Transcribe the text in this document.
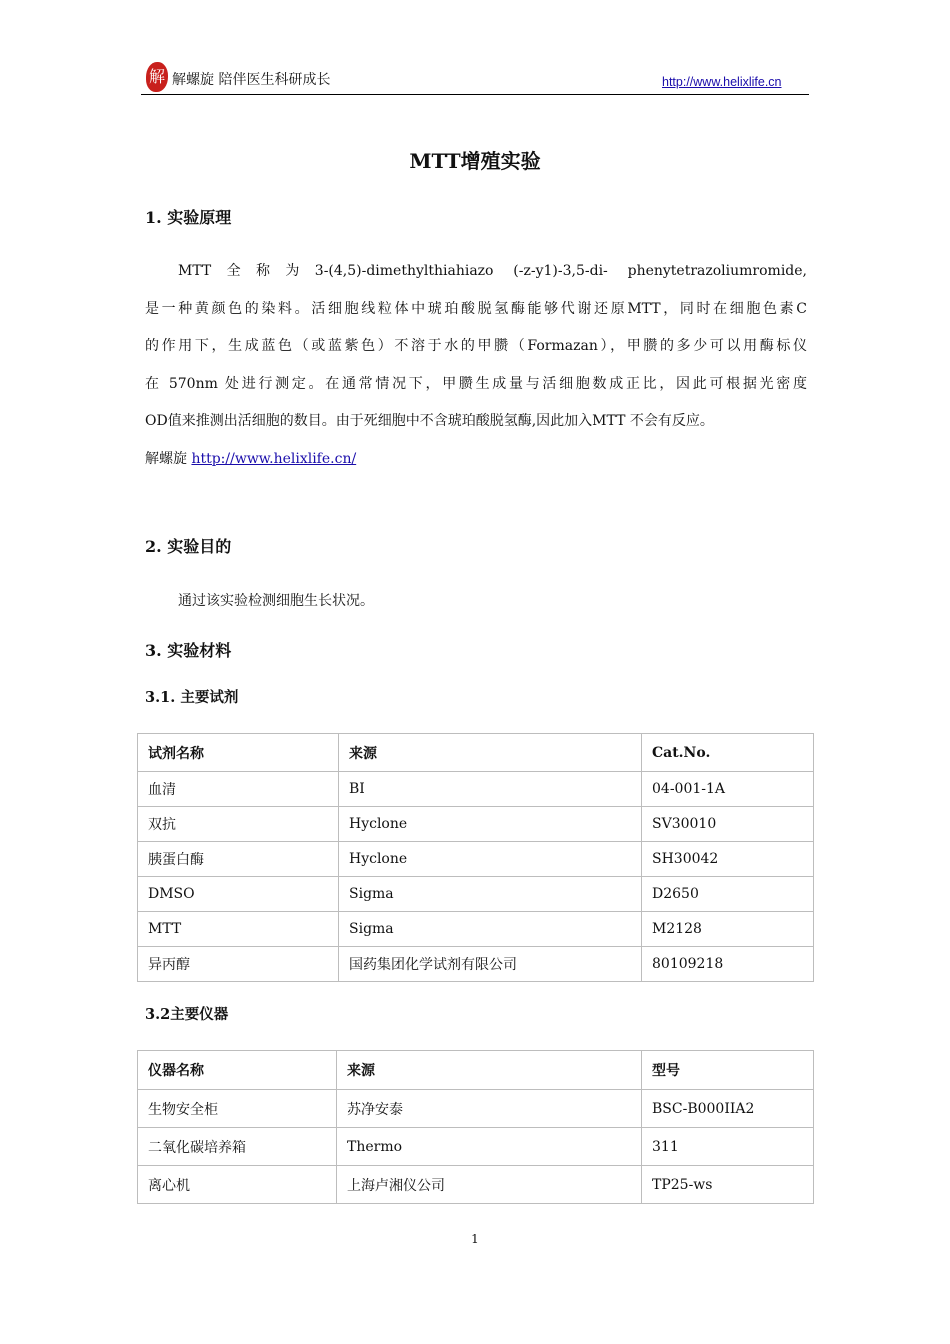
解 解螺旋 陪伴医生科研成长	http://www.helixlife.cn
MTT增殖实验
1. 实验原理
MTT全称为3-(4,5)-dimethylthiahiazo (-z-y1)-3,5-di- phenytetrazoliumromide,
是一种黄颜色的染料。活细胞线粒体中琥珀酸脱氢酶能够代谢还原MTT，同时在细胞色素C
的作用下，生成蓝色（或蓝紫色）不溶于水的甲臜（Formazan），甲臜的多少可以用酶标仪
在 570nm 处进行测定。在通常情况下，甲臜生成量与活细胞数成正比，因此可根据光密度
OD值来推测出活细胞的数目。由于死细胞中不含琥珀酸脱氢酶,因此加入MTT 不会有反应。
解螺旋 http://www.helixlife.cn/
2. 实验目的
通过该实验检测细胞生长状况。
3. 实验材料
3.1. 主要试剂
试剂名称	来源	Cat.No.
血清	BI	04-001-1A
双抗	Hyclone	SV30010
胰蛋白酶	Hyclone	SH30042
DMSO	Sigma	D2650
MTT	Sigma	M2128
异丙醇	国药集团化学试剂有限公司	80109218
3.2主要仪器
仪器名称	来源	型号
生物安全柜	苏净安泰	BSC-B000IIA2
二氧化碳培养箱	Thermo	311
离心机	上海卢湘仪公司	TP25-ws
1
